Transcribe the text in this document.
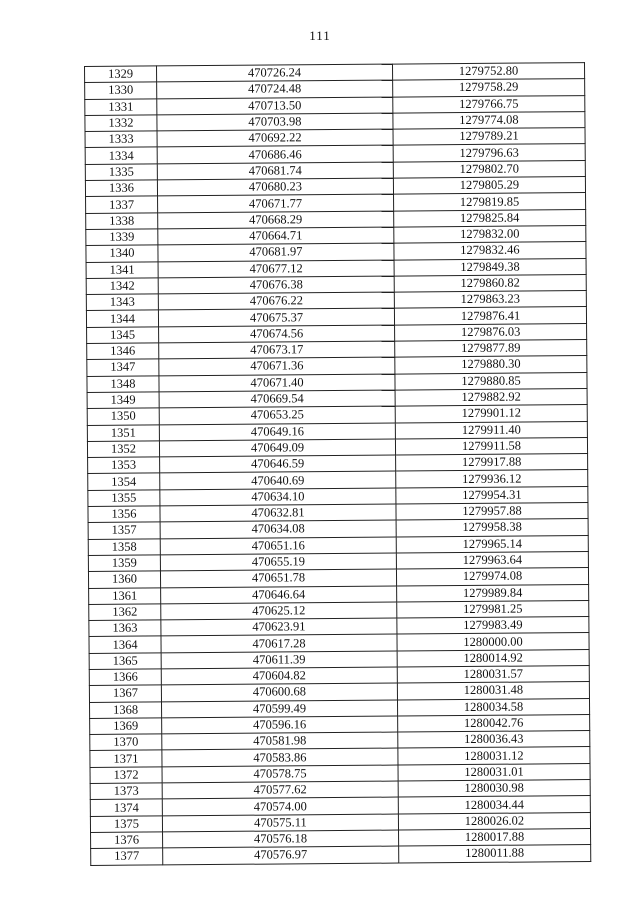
111
1329	470726.24	1279752.80
1330	470724.48	1279758.29
1331	470713.50	1279766.75
1332	470703.98	1279774.08
1333	470692.22	1279789.21
1334	470686.46	1279796.63
1335	470681.74	1279802.70
1336	470680.23	1279805.29
1337	470671.77	1279819.85
1338	470668.29	1279825.84
1339	470664.71	1279832.00
1340	470681.97	1279832.46
1341	470677.12	1279849.38
1342	470676.38	1279860.82
1343	470676.22	1279863.23
1344	470675.37	1279876.41
1345	470674.56	1279876.03
1346	470673.17	1279877.89
1347	470671.36	1279880.30
1348	470671.40	1279880.85
1349	470669.54	1279882.92
1350	470653.25	1279901.12
1351	470649.16	1279911.40
1352	470649.09	1279911.58
1353	470646.59	1279917.88
1354	470640.69	1279936.12
1355	470634.10	1279954.31
1356	470632.81	1279957.88
1357	470634.08	1279958.38
1358	470651.16	1279965.14
1359	470655.19	1279963.64
1360	470651.78	1279974.08
1361	470646.64	1279989.84
1362	470625.12	1279981.25
1363	470623.91	1279983.49
1364	470617.28	1280000.00
1365	470611.39	1280014.92
1366	470604.82	1280031.57
1367	470600.68	1280031.48
1368	470599.49	1280034.58
1369	470596.16	1280042.76
1370	470581.98	1280036.43
1371	470583.86	1280031.12
1372	470578.75	1280031.01
1373	470577.62	1280030.98
1374	470574.00	1280034.44
1375	470575.11	1280026.02
1376	470576.18	1280017.88
1377	470576.97	1280011.88
